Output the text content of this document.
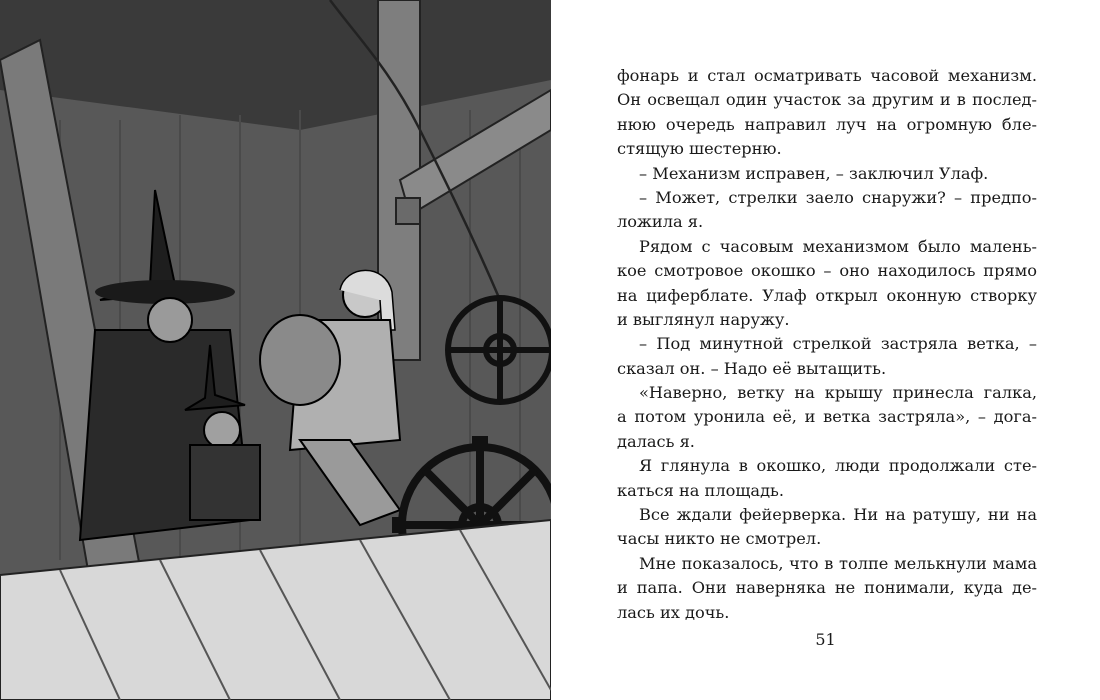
фонарь и стал осматривать часовой механизм.
Он освещал один участок за другим и в послед-
нюю очередь направил луч на огромную бле-
стящую шестерню.
– Механизм исправен, – заключил Улаф.
– Может, стрелки заело снаружи? – предпо-
ложила я.
Рядом с часовым механизмом было малень-
кое смотровое окошко – оно находилось прямо
на циферблате. Улаф открыл оконную створку
и выглянул наружу.
– Под минутной стрелкой застряла ветка, –
сказал он. – Надо её вытащить.
«Наверно, ветку на крышу принесла галка,
а потом уронила её, и ветка застряла», – дога-
далась я.
Я глянула в окошко, люди продолжали сте-
каться на площадь.
Все ждали фейерверка. Ни на ратушу, ни на
часы никто не смотрел.
Мне показалось, что в толпе мелькнули мама
и папа. Они наверняка не понимали, куда де-
лась их дочь.
51
